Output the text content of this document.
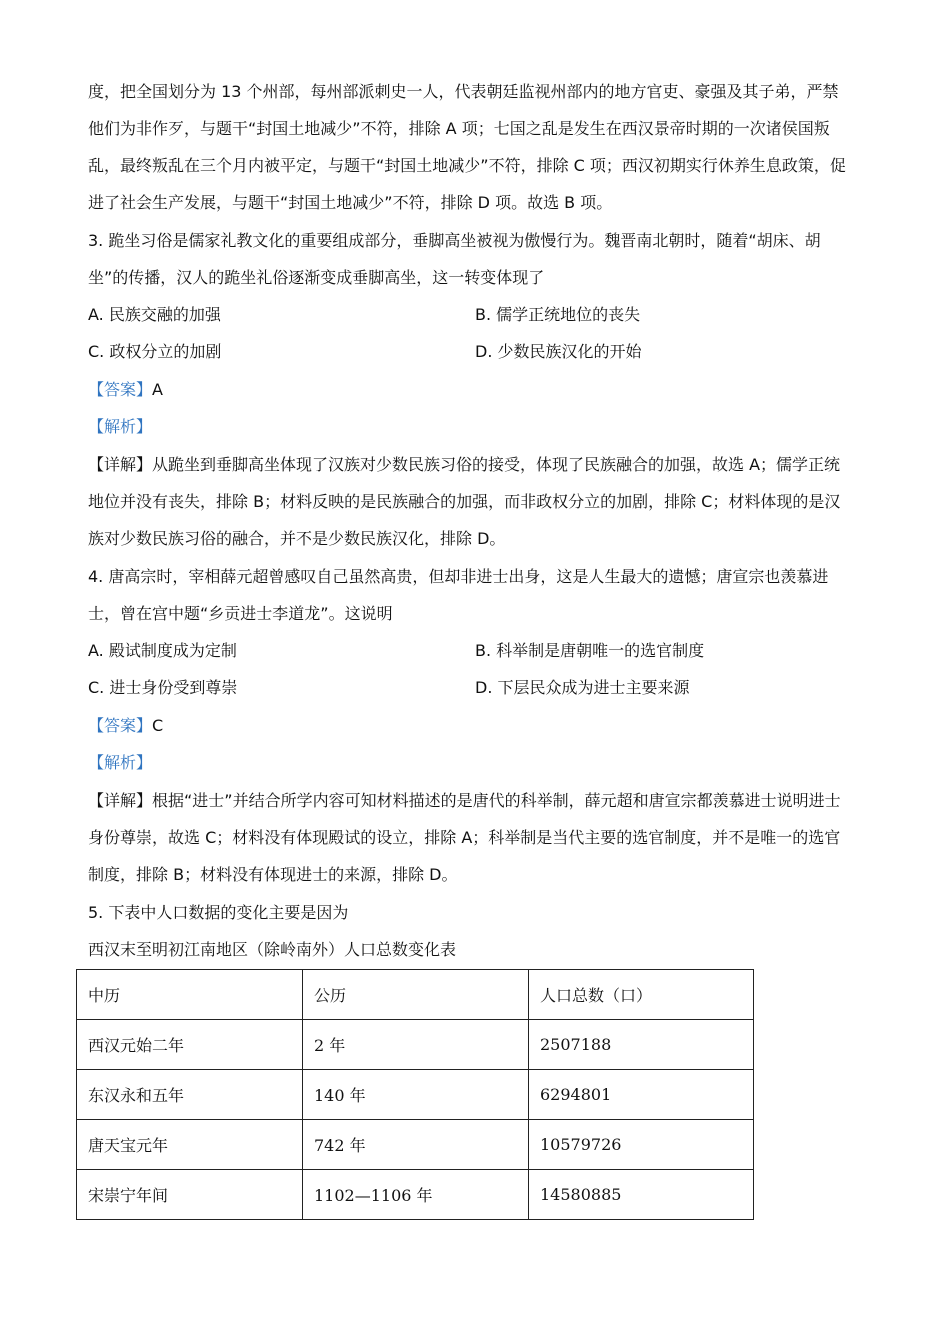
度，把全国划分为 13 个州部，每州部派刺史一人，代表朝廷监视州部内的地方官吏、豪强及其子弟，严禁
他们为非作歹，与题干“封国土地减少”不符，排除 A 项；七国之乱是发生在西汉景帝时期的一次诸侯国叛
乱，最终叛乱在三个月内被平定，与题干“封国土地减少”不符，排除 C 项；西汉初期实行休养生息政策，促
进了社会生产发展，与题干“封国土地减少”不符，排除 D 项。故选 B 项。
3. 跪坐习俗是儒家礼教文化的重要组成部分，垂脚高坐被视为傲慢行为。魏晋南北朝时，随着“胡床、胡
坐”的传播，汉人的跪坐礼俗逐渐变成垂脚高坐，这一转变体现了
A. 民族交融的加强	B. 儒学正统地位的丧失
C. 政权分立的加剧	D. 少数民族汉化的开始
【答案】A
【解析】
【详解】从跪坐到垂脚高坐体现了汉族对少数民族习俗的接受，体现了民族融合的加强，故选 A；儒学正统
地位并没有丧失，排除 B；材料反映的是民族融合的加强，而非政权分立的加剧，排除 C；材料体现的是汉
族对少数民族习俗的融合，并不是少数民族汉化，排除 D。
4. 唐高宗时，宰相薛元超曾感叹自己虽然高贵，但却非进士出身，这是人生最大的遗憾；唐宣宗也羡慕进
士，曾在宫中题“乡贡进士李道龙”。这说明
A. 殿试制度成为定制	B. 科举制是唐朝唯一的选官制度
C. 进士身份受到尊崇	D. 下层民众成为进士主要来源
【答案】C
【解析】
【详解】根据“进士”并结合所学内容可知材料描述的是唐代的科举制，薛元超和唐宣宗都羡慕进士说明进士
身份尊崇，故选 C；材料没有体现殿试的设立，排除 A；科举制是当代主要的选官制度，并不是唯一的选官
制度，排除 B；材料没有体现进士的来源，排除 D。
5. 下表中人口数据的变化主要是因为
西汉末至明初江南地区（除岭南外）人口总数变化表
中历	公历	人口总数（口）
西汉元始二年	2 年	2507188
东汉永和五年	140 年	6294801
唐天宝元年	742 年	10579726
宋崇宁年间	1102—1106 年	14580885
